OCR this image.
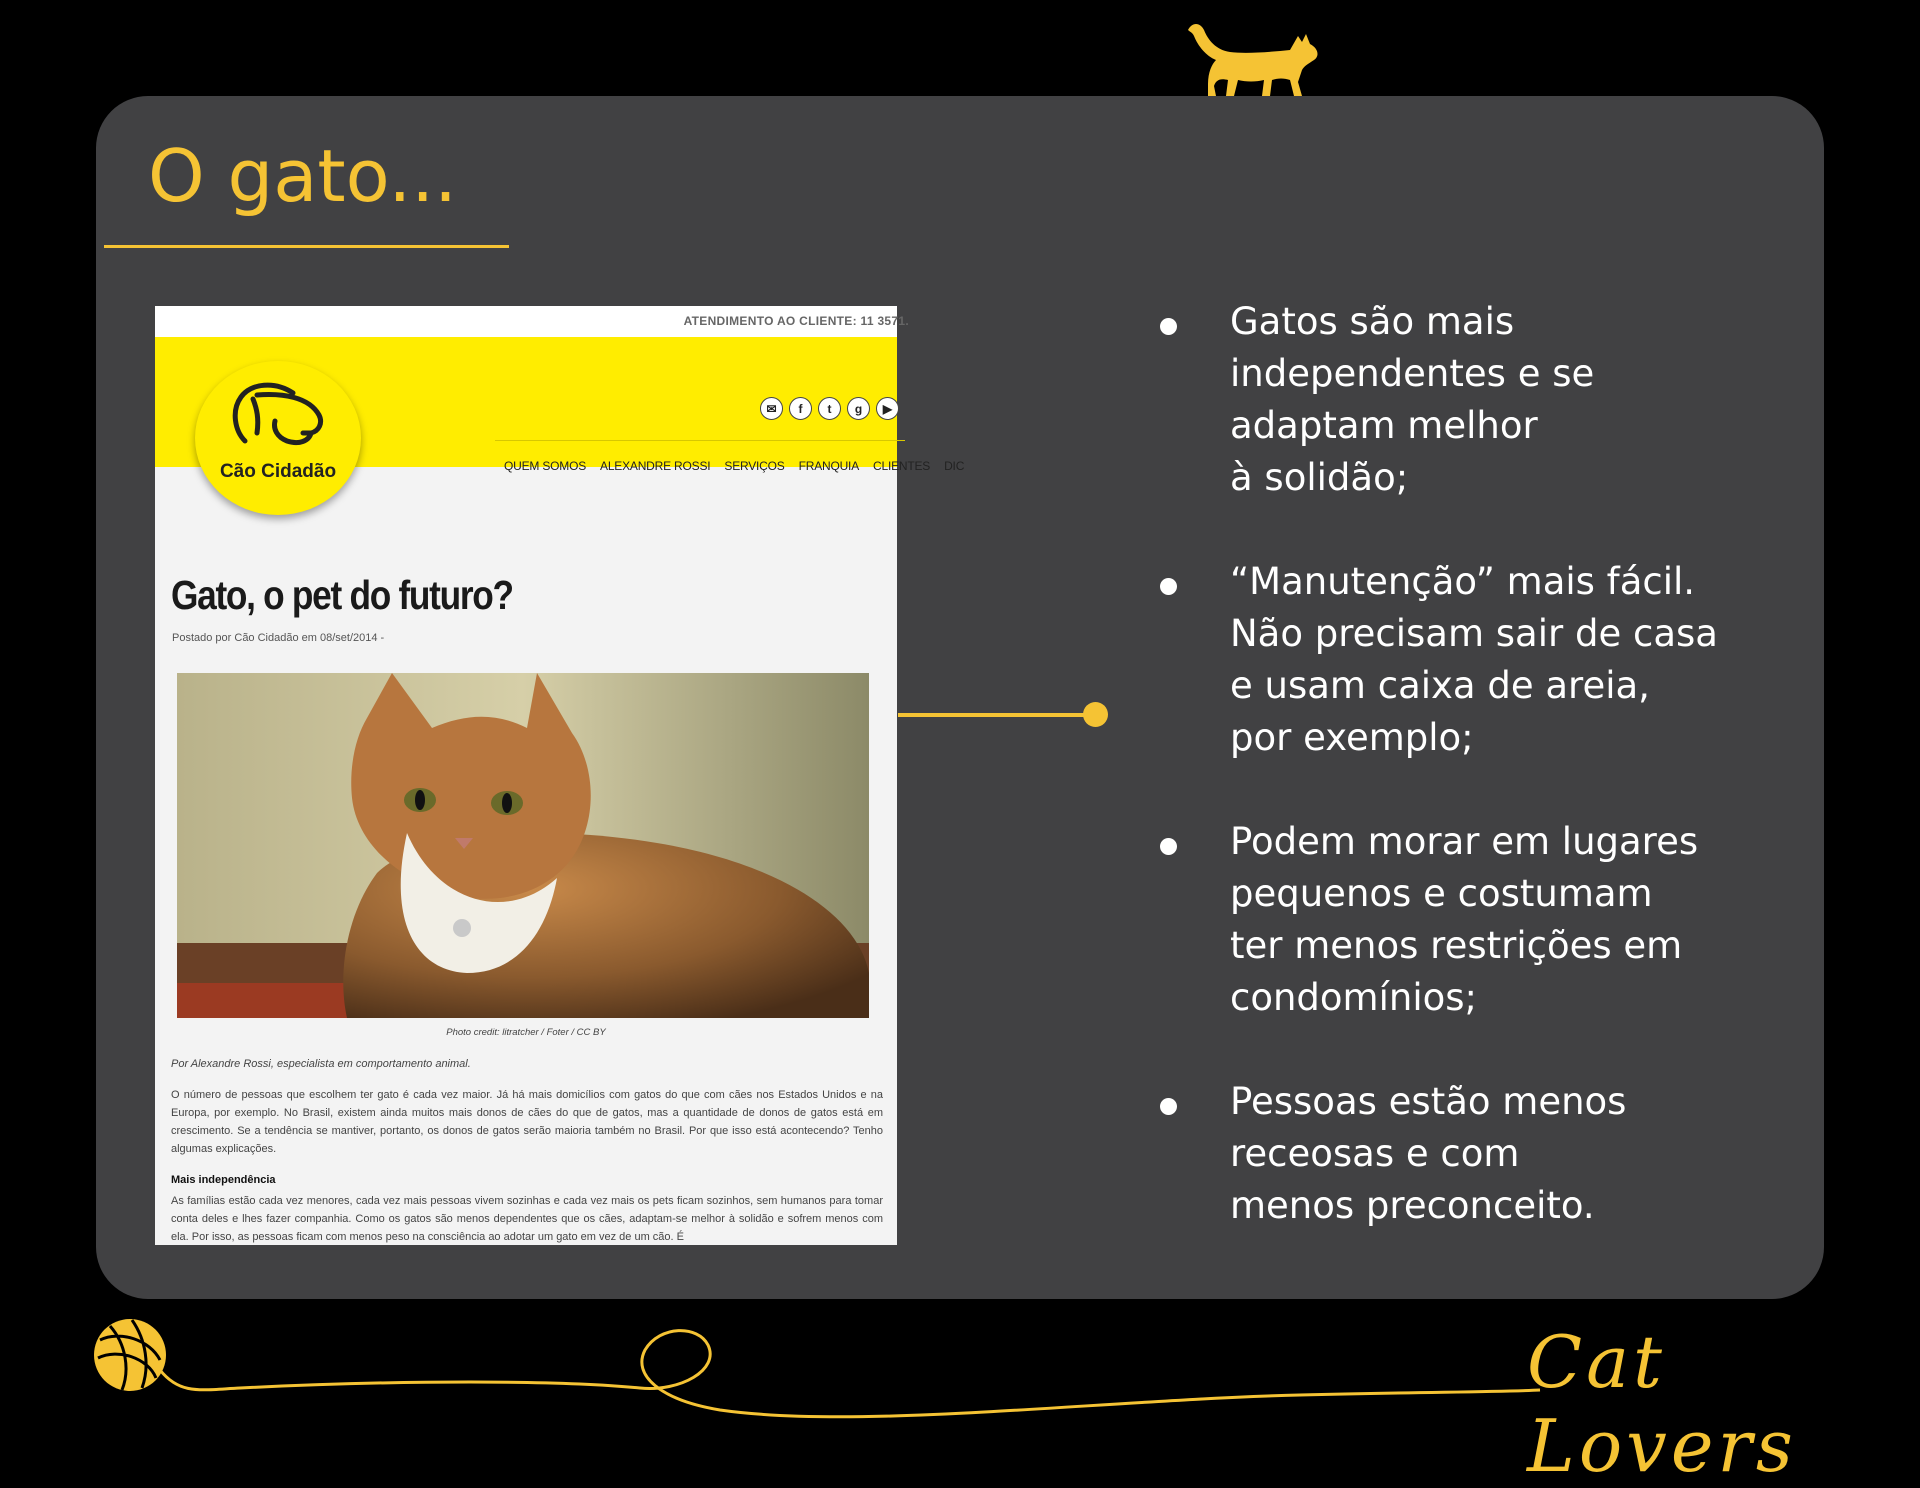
O gato...
ATENDIMENTO AO CLIENTE: 11 3571.
✉	f	t	g	▶
QUEM SOMOS ALEXANDRE ROSSI SERVIÇOS FRANQUIA CLIENTES DIC
Cão Cidadão
Gato, o pet do futuro?
Postado por Cão Cidadão em 08/set/2014 -
Photo credit: litratcher / Foter / CC BY
Por Alexandre Rossi, especialista em comportamento animal.

O número de pessoas que escolhem ter gato é cada vez maior. Já há mais domicílios com gatos do que com cães nos Estados Unidos e na Europa, por exemplo. No Brasil, existem ainda muitos mais donos de cães do que de gatos, mas a quantidade de donos de gatos está em crescimento. Se a tendência se mantiver, portanto, os donos de gatos serão maioria também no Brasil. Por que isso está acontecendo? Tenho algumas explicações.

Mais independência

As famílias estão cada vez menores, cada vez mais pessoas vivem sozinhas e cada vez mais os pets ficam sozinhos, sem humanos para tomar conta deles e lhes fazer companhia. Como os gatos são menos dependentes que os cães, adaptam-se melhor à solidão e sofrem menos com ela. Por isso, as pessoas ficam com menos peso na consciência ao adotar um gato em vez de um cão. É

Gatos são mais
independentes e se
adaptam melhor
à solidão;
“Manutenção” mais fácil.
Não precisam sair de casa
e usam caixa de areia,
por exemplo;
Podem morar em lugares
pequenos e costumam
ter menos restrições em
condomínios;
Pessoas estão menos
receosas e com
menos preconceito.
Cat Lovers
